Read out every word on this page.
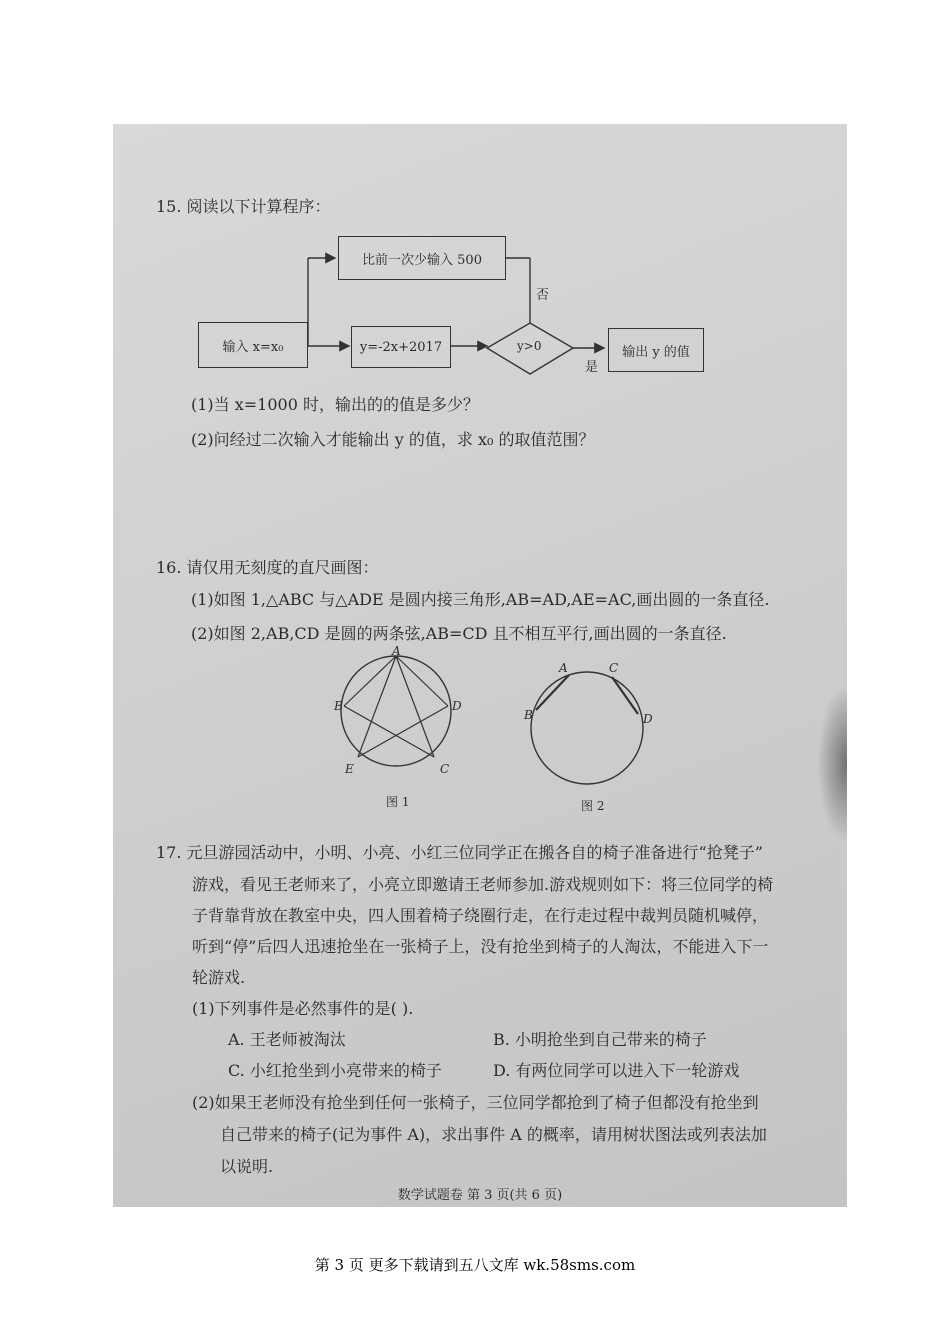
15. 阅读以下计算程序：
比前一次少输入 500
输入 x=x₀	y=-2x+2017	y>0	输出 y 的值
否
是
(1)当 x=1000 时，输出的的值是多少？
(2)问经过二次输入才能输出 y 的值，求 x₀ 的取值范围？
16. 请仅用无刻度的直尺画图：
(1)如图 1,△ABC 与△ADE 是圆内接三角形,AB=AD,AE=AC,画出圆的一条直径.
(2)如图 2,AB,CD 是圆的两条弦,AB=CD 且不相互平行,画出圆的一条直径.
A
B	D
E	C
图 1
A	C
B	D
图 2
17. 元旦游园活动中，小明、小亮、小红三位同学正在搬各自的椅子准备进行“抢凳子”
游戏，看见王老师来了，小亮立即邀请王老师参加.游戏规则如下：将三位同学的椅
子背靠背放在教室中央，四人围着椅子绕圈行走，在行走过程中裁判员随机喊停，
听到“停”后四人迅速抢坐在一张椅子上，没有抢坐到椅子的人淘汰，不能进入下一
轮游戏.
(1)下列事件是必然事件的是( ).
A. 王老师被淘汰	B. 小明抢坐到自己带来的椅子
C. 小红抢坐到小亮带来的椅子	D. 有两位同学可以进入下一轮游戏
(2)如果王老师没有抢坐到任何一张椅子，三位同学都抢到了椅子但都没有抢坐到
自己带来的椅子(记为事件 A)，求出事件 A 的概率，请用树状图法或列表法加
以说明.
数学试题卷 第 3 页(共 6 页)
第 3 页 更多下载请到五八文库 wk.58sms.com
